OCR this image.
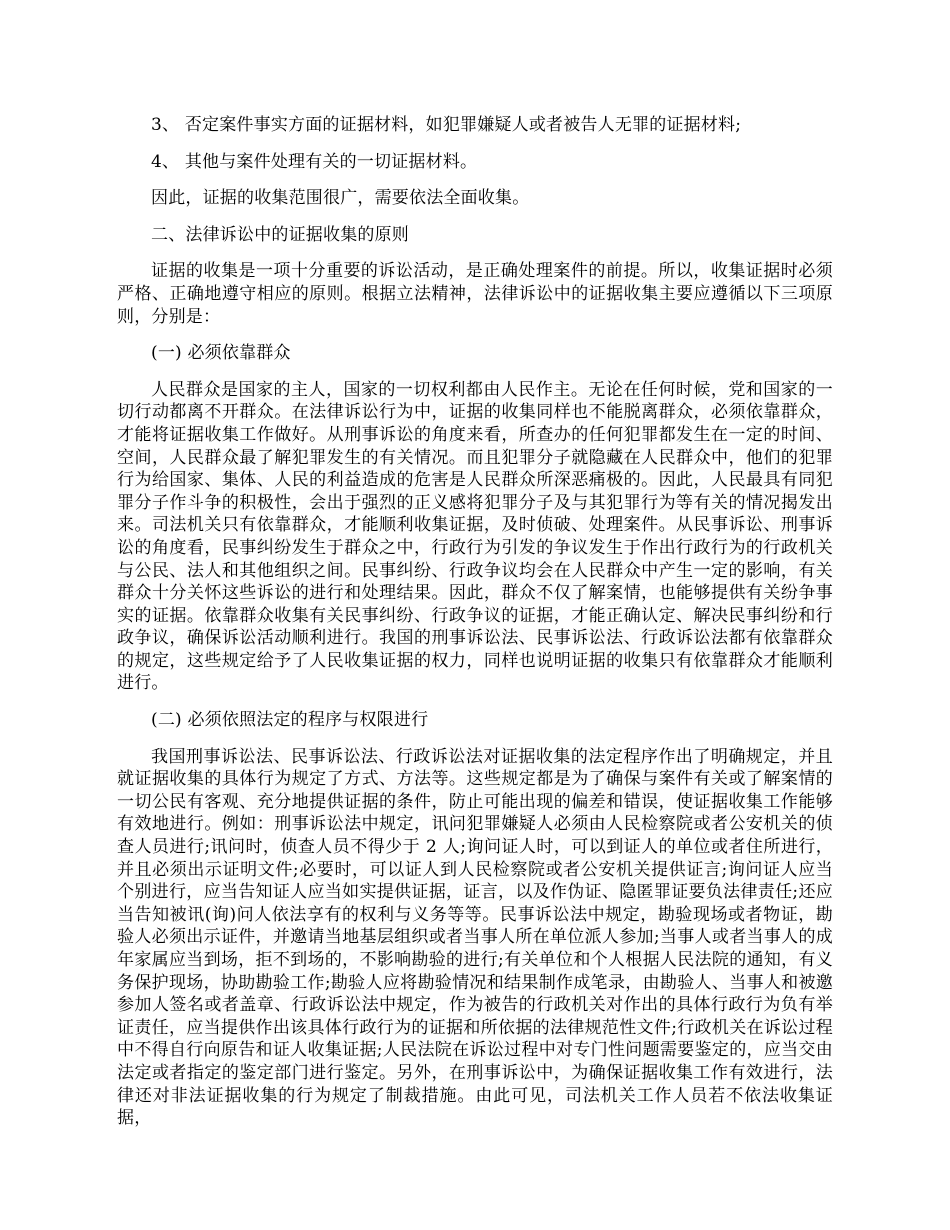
3、 否定案件事实方面的证据材料，如犯罪嫌疑人或者被告人无罪的证据材料;

4、 其他与案件处理有关的一切证据材料。

因此，证据的收集范围很广，需要依法全面收集。

二、法律诉讼中的证据收集的原则

证据的收集是一项十分重要的诉讼活动，是正确处理案件的前提。所以，收集证据时必须严格、正确地遵守相应的原则。根据立法精神，法律诉讼中的证据收集主要应遵循以下三项原则，分别是：

(一) 必须依靠群众

人民群众是国家的主人，国家的一切权利都由人民作主。无论在任何时候，党和国家的一切行动都离不开群众。在法律诉讼行为中，证据的收集同样也不能脱离群众，必须依靠群众，才能将证据收集工作做好。从刑事诉讼的角度来看，所查办的任何犯罪都发生在一定的时间、空间，人民群众最了解犯罪发生的有关情况。而且犯罪分子就隐藏在人民群众中，他们的犯罪行为给国家、集体、人民的利益造成的危害是人民群众所深恶痛极的。因此，人民最具有同犯罪分子作斗争的积极性，会出于强烈的正义感将犯罪分子及与其犯罪行为等有关的情况揭发出来。司法机关只有依靠群众，才能顺利收集证据，及时侦破、处理案件。从民事诉讼、刑事诉讼的角度看，民事纠纷发生于群众之中，行政行为引发的争议发生于作出行政行为的行政机关与公民、法人和其他组织之间。民事纠纷、行政争议均会在人民群众中产生一定的影响，有关群众十分关怀这些诉讼的进行和处理结果。因此，群众不仅了解案情，也能够提供有关纷争事实的证据。依靠群众收集有关民事纠纷、行政争议的证据，才能正确认定、解决民事纠纷和行政争议，确保诉讼活动顺利进行。我国的刑事诉讼法、民事诉讼法、行政诉讼法都有依靠群众的规定，这些规定给予了人民收集证据的权力，同样也说明证据的收集只有依靠群众才能顺利进行。

(二) 必须依照法定的程序与权限进行

我国刑事诉讼法、民事诉讼法、行政诉讼法对证据收集的法定程序作出了明确规定，并且就证据收集的具体行为规定了方式、方法等。这些规定都是为了确保与案件有关或了解案情的一切公民有客观、充分地提供证据的条件，防止可能出现的偏差和错误，使证据收集工作能够有效地进行。例如：刑事诉讼法中规定，讯问犯罪嫌疑人必须由人民检察院或者公安机关的侦查人员进行;讯问时，侦查人员不得少于 2 人;询问证人时，可以到证人的单位或者住所进行，并且必须出示证明文件;必要时，可以证人到人民检察院或者公安机关提供证言;询问证人应当个别进行，应当告知证人应当如实提供证据，证言，以及作伪证、隐匿罪证要负法律责任;还应当告知被讯(询)问人依法享有的权利与义务等等。民事诉讼法中规定，勘验现场或者物证，勘验人必须出示证件，并邀请当地基层组织或者当事人所在单位派人参加;当事人或者当事人的成年家属应当到场，拒不到场的，不影响勘验的进行;有关单位和个人根据人民法院的通知，有义务保护现场，协助勘验工作;勘验人应将勘验情况和结果制作成笔录，由勘验人、当事人和被邀参加人签名或者盖章、行政诉讼法中规定，作为被告的行政机关对作出的具体行政行为负有举证责任，应当提供作出该具体行政行为的证据和所依据的法律规范性文件;行政机关在诉讼过程中不得自行向原告和证人收集证据;人民法院在诉讼过程中对专门性问题需要鉴定的，应当交由法定或者指定的鉴定部门进行鉴定。另外，在刑事诉讼中，为确保证据收集工作有效进行，法律还对非法证据收集的行为规定了制裁措施。由此可见，司法机关工作人员若不依法收集证据，
